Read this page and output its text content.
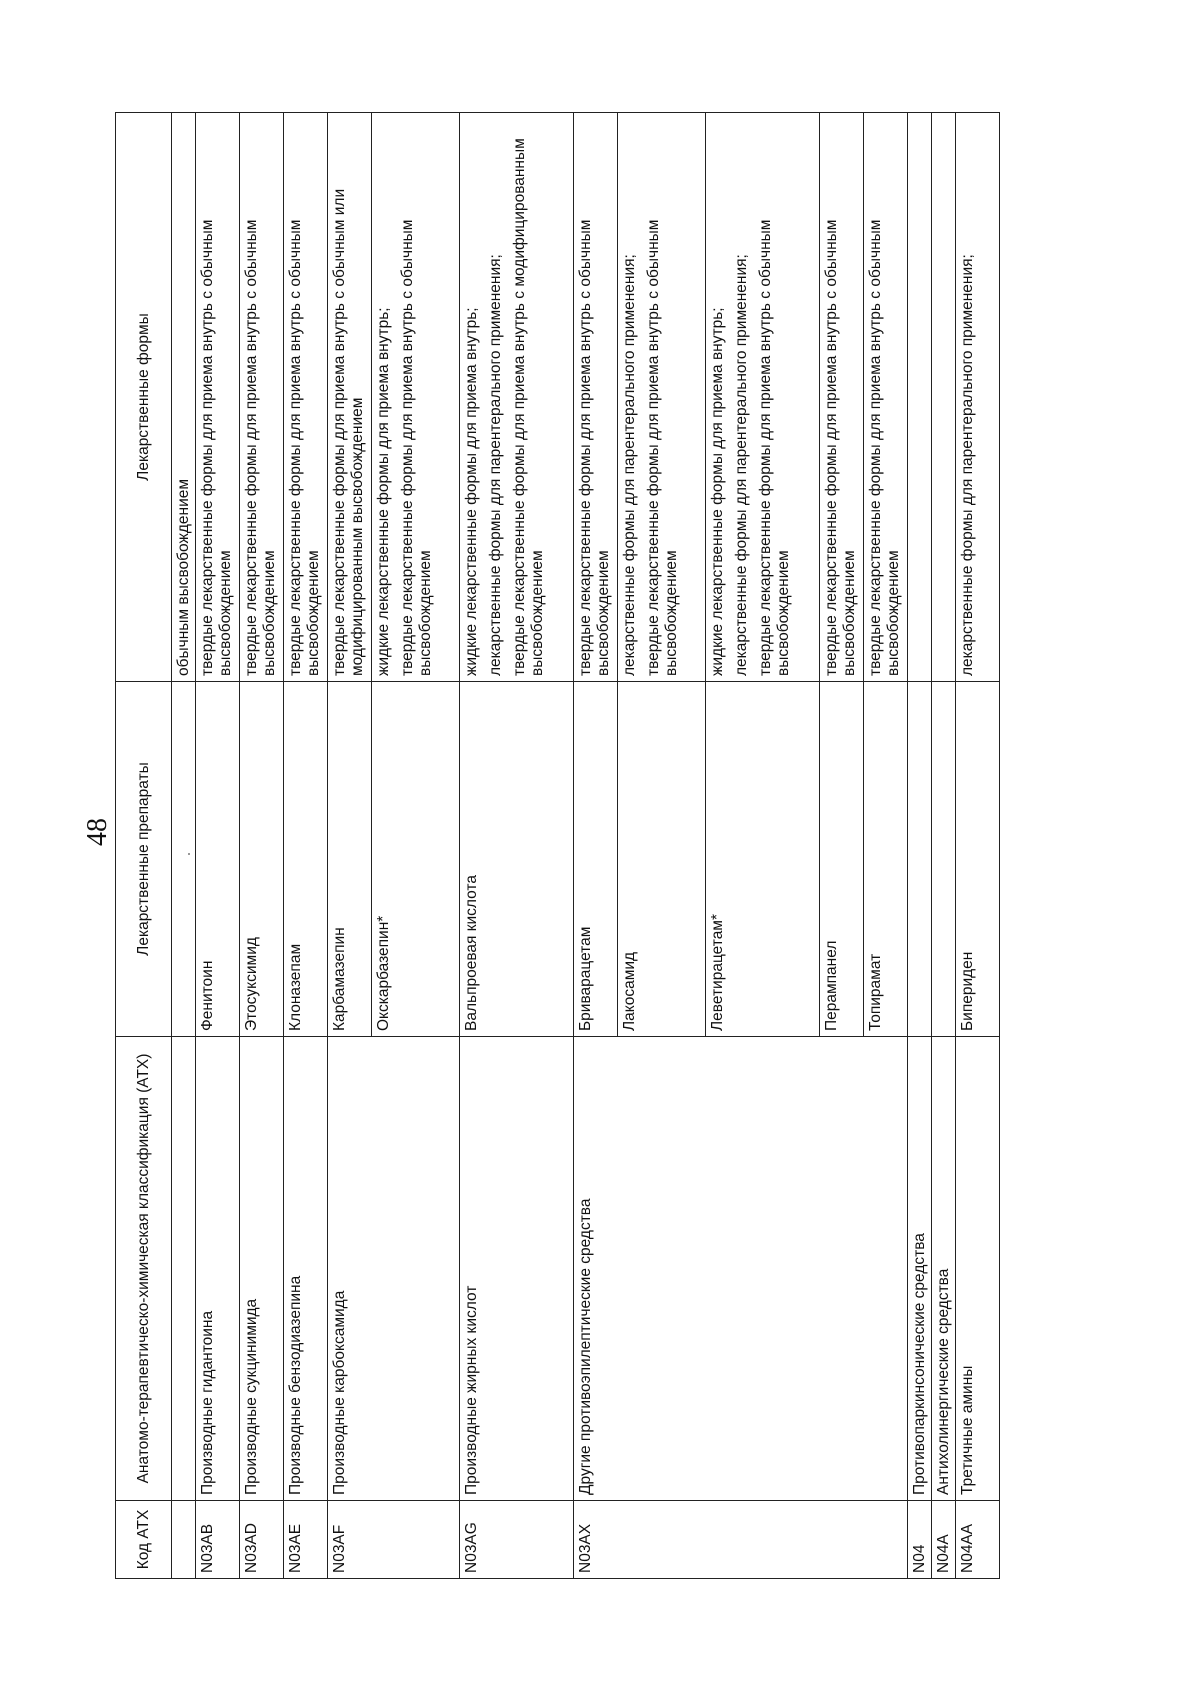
48
Код АТХ	Анатомо-терапевтическо-химическая классификация (АТХ)	Лекарственные препараты	Лекарственные формы

			обычным высвобождением

N03AB	Производные гидантоина	Фенитоин	твердые лекарственные формы для приема внутрь с обычным высвобождением

N03AD	Производные сукцинимида	Этосуксимид	твердые лекарственные формы для приема внутрь с обычным высвобождением

N03AE	Производные бензодиазепина	Клоназепам	твердые лекарственные формы для приема внутрь с обычным высвобождением

N03AF	Производные карбоксамида	Карбамазепин	твердые лекарственные формы для приема внутрь с обычным или модифицированным высвобождением

		Окскарбазепин*	жидкие лекарственные формы для приема внутрь; твердые лекарственные формы для приема внутрь с обычным высвобождением

N03AG	Производные жирных кислот	Вальпроевая кислота	жидкие лекарственные формы для приема внутрь; лекарственные формы для парентерального применения; твердые лекарственные формы для приема внутрь с модифицированным высвобождением

N03AX	Другие противоэпилептические средства	Бриварацетам	твердые лекарственные формы для приема внутрь с обычным высвобождением

		Лакосамид	лекарственные формы для парентерального применения; твердые лекарственные формы для приема внутрь с обычным высвобождением

		Леветирацетам*	жидкие лекарственные формы для приема внутрь; лекарственные формы для парентерального применения; твердые лекарственные формы для приема внутрь с обычным высвобождением

		Перампанел	твердые лекарственные формы для приема внутрь с обычным высвобождением

		Топирамат	твердые лекарственные формы для приема внутрь с обычным высвобождением

N04	Противопаркинсонические средства		
N04A	Антихолинергические средства		
N04AA	Третичные амины	Бипериден	лекарственные формы для парентерального применения;
